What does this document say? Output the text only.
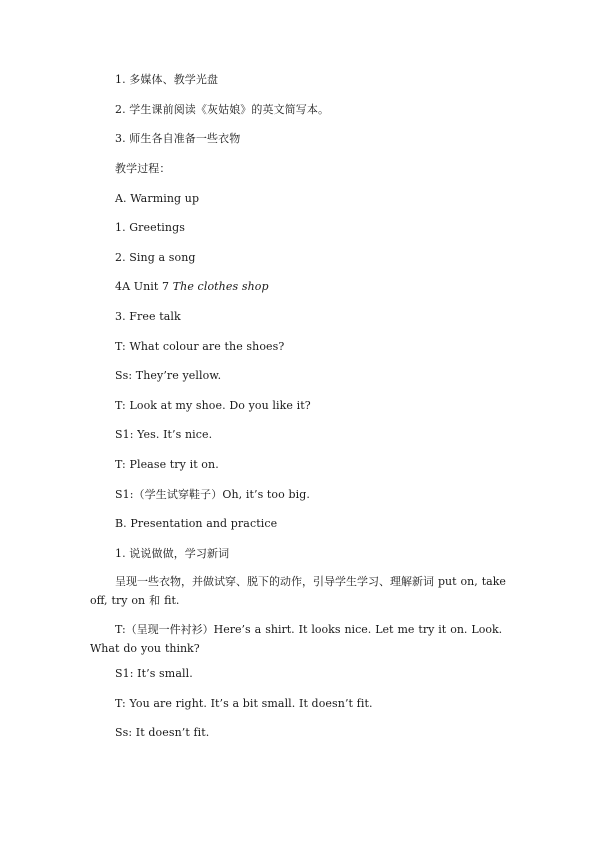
1. 多媒体、教学光盘
2. 学生课前阅读《灰姑娘》的英文简写本。
3. 师生各自准备一些衣物
教学过程：
A. Warming up
1. Greetings
2. Sing a song
4A Unit 7 The clothes shop
3. Free talk
T: What colour are the shoes?
Ss: They’re yellow.
T: Look at my shoe. Do you like it?
S1: Yes. It’s nice.
T: Please try it on.
S1:（学生试穿鞋子）Oh, it’s too big.
B. Presentation and practice
1. 说说做做，学习新词
呈现一些衣物，并做试穿、脱下的动作，引导学生学习、理解新词 put on, take off, try on 和 fit.
T:（呈现一件衬衫）Here’s a shirt. It looks nice. Let me try it on. Look. What do you think?
S1: It’s small.
T: You are right. It’s a bit small. It doesn’t fit.
Ss: It doesn’t fit.
